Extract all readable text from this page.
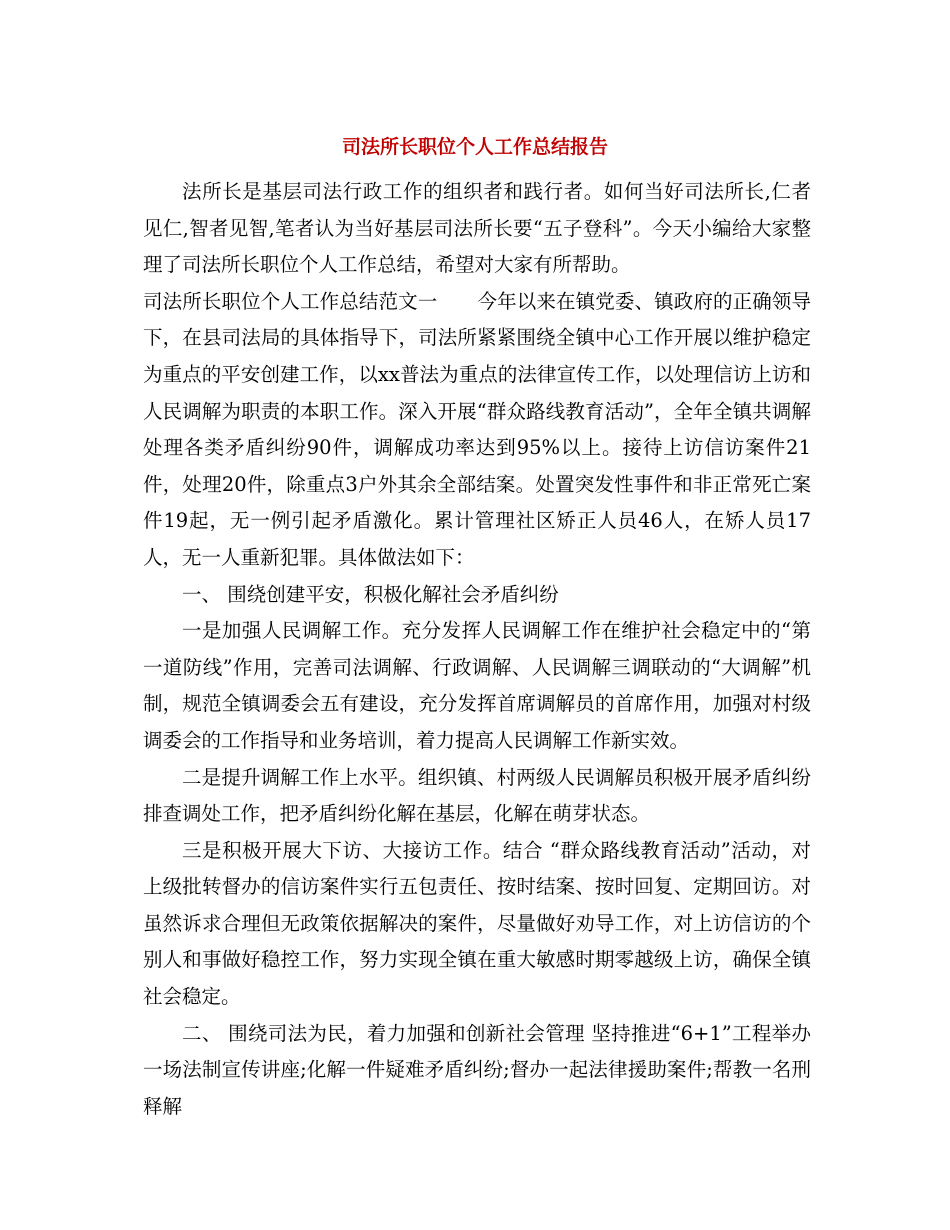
司法所长职位个人工作总结报告

法所长是基层司法行政工作的组织者和践行者。如何当好司法所长,仁者见仁,智者见智,笔者认为当好基层司法所长要“五子登科”。今天小编给大家整理了司法所长职位个人工作总结，希望对大家有所帮助。

司法所长职位个人工作总结范文一 今年以来在镇党委、镇政府的正确领导下，在县司法局的具体指导下，司法所紧紧围绕全镇中心工作开展以维护稳定为重点的平安创建工作，以xx普法为重点的法律宣传工作，以处理信访上访和人民调解为职责的本职工作。深入开展“群众路线教育活动”，全年全镇共调解处理各类矛盾纠纷90件，调解成功率达到95%以上。接待上访信访案件21件，处理20件，除重点3户外其余全部结案。处置突发性事件和非正常死亡案件19起，无一例引起矛盾激化。累计管理社区矫正人员46人，在矫人员17人，无一人重新犯罪。具体做法如下：

一、 围绕创建平安，积极化解社会矛盾纠纷

一是加强人民调解工作。充分发挥人民调解工作在维护社会稳定中的“第一道防线”作用，完善司法调解、行政调解、人民调解三调联动的“大调解”机制，规范全镇调委会五有建设，充分发挥首席调解员的首席作用，加强对村级调委会的工作指导和业务培训，着力提高人民调解工作新实效。

二是提升调解工作上水平。组织镇、村两级人民调解员积极开展矛盾纠纷排查调处工作，把矛盾纠纷化解在基层，化解在萌芽状态。

三是积极开展大下访、大接访工作。结合 “群众路线教育活动”活动，对上级批转督办的信访案件实行五包责任、按时结案、按时回复、定期回访。对虽然诉求合理但无政策依据解决的案件，尽量做好劝导工作，对上访信访的个别人和事做好稳控工作，努力实现全镇在重大敏感时期零越级上访，确保全镇社会稳定。

二、 围绕司法为民，着力加强和创新社会管理 坚持推进“6+1”工程举办一场法制宣传讲座;化解一件疑难矛盾纠纷;督办一起法律援助案件;帮教一名刑释解
